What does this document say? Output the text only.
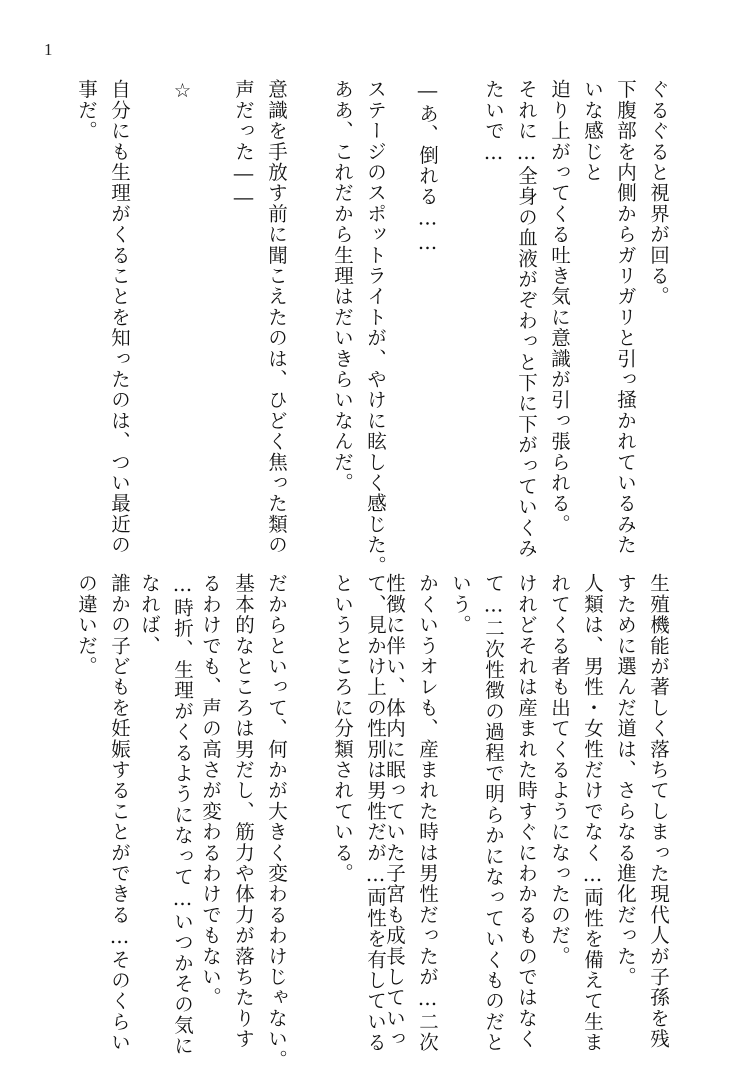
1
ぐるぐると視界が回る。
下腹部を内側からガリガリと引っ掻かれているみた
いな感じと
迫り上がってくる吐き気に意識が引っ張られる。
それに…全身の血液がぞわっと下に下がっていくみ
たいで…
―あ、倒れる……
ステージのスポットライトが、やけに眩しく感じた。
ああ、これだから生理はだいきらいなんだ。
意識を手放す前に聞こえたのは、ひどく焦った類の
声だった――
☆
自分にも生理がくることを知ったのは、つい最近の
事だ。
生殖機能が著しく落ちてしまった現代人が子孫を残
すために選んだ道は、さらなる進化だった。
人類は、男性・女性だけでなく…両性を備えて生ま
れてくる者も出てくるようになったのだ。
けれどそれは産まれた時すぐにわかるものではなく
て…二次性徴の過程で明らかになっていくものだと
いう。
かくいうオレも、産まれた時は男性だったが…二次
性徴に伴い、体内に眠っていた子宮も成長していっ
て、見かけ上の性別は男性だが…両性を有している
というところに分類されている。
だからといって、何かが大きく変わるわけじゃない。
基本的なところは男だし、筋力や体力が落ちたりす
るわけでも、声の高さが変わるわけでもない。
…時折、生理がくるようになって…いつかその気に
なれば、
誰かの子どもを妊娠することができる…そのくらい
の違いだ。
